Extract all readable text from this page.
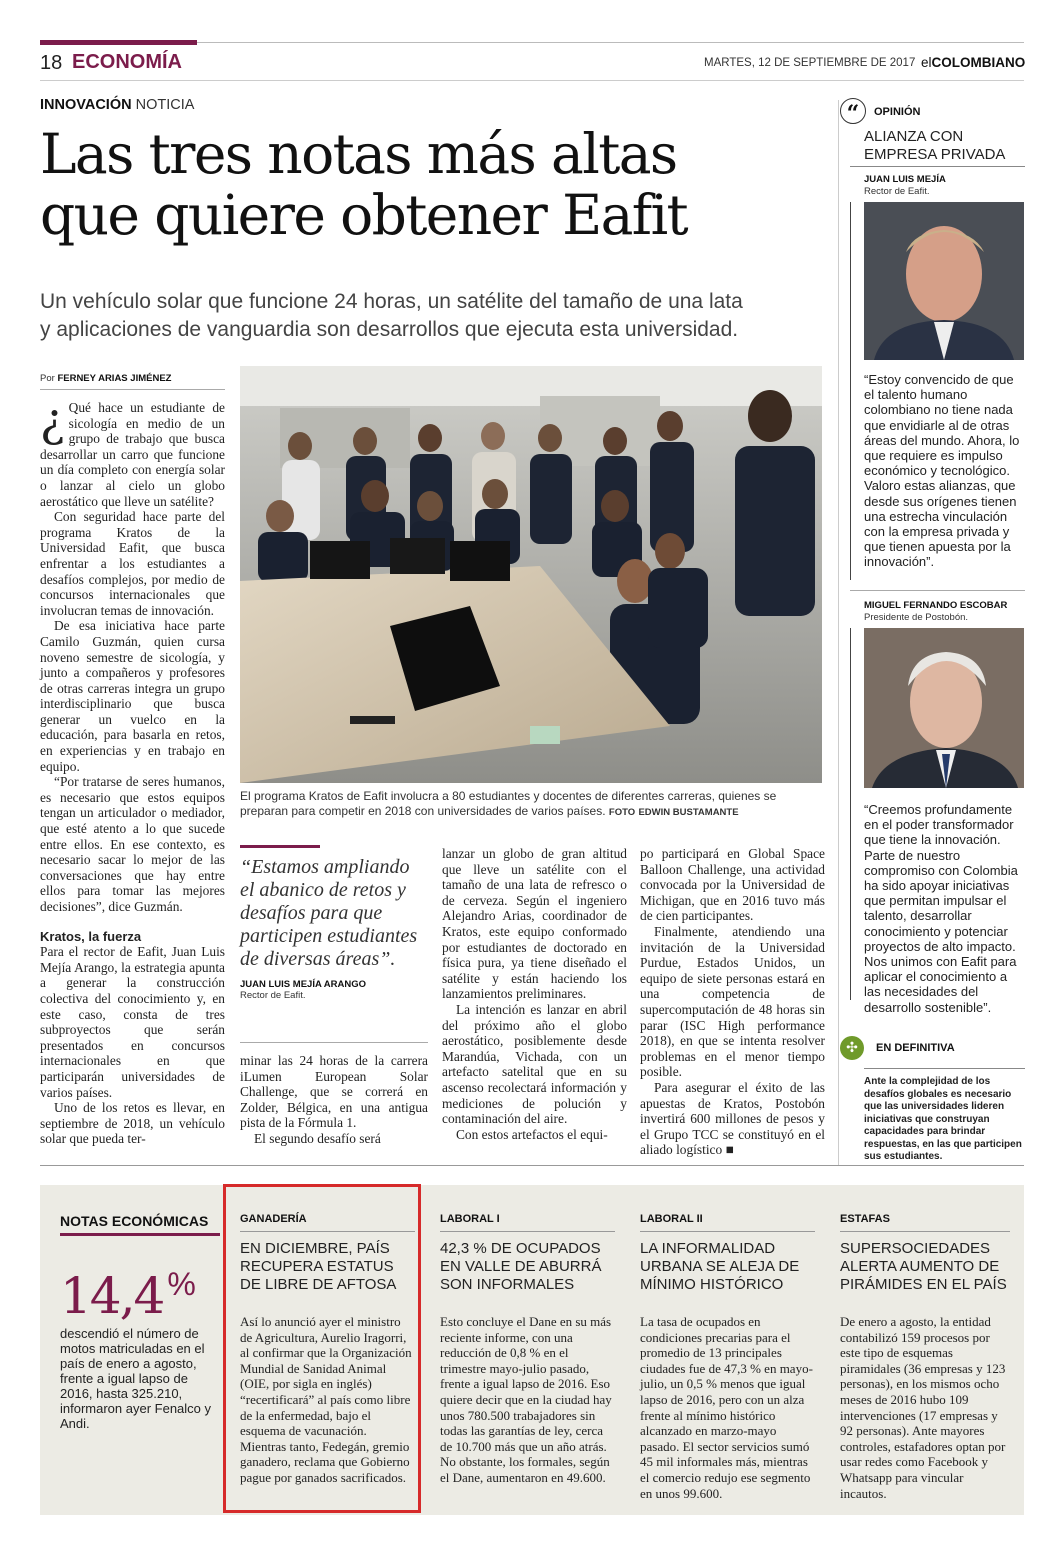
18 ECONOMÍA	MARTES, 12 DE SEPTIEMBRE DE 2017 elCOLOMBIANO
INNOVACIÓN NOTICIA

Las tres notas más altas

que quiere obtener Eafit

Un vehículo solar que funcione 24 horas, un satélite del tamaño de una lata

y aplicaciones de vanguardia son desarrollos que ejecuta esta universidad.

Por FERNEY ARIAS JIMÉNEZ

¿ Qué hace un estudiante de sicología en medio de un grupo de trabajo que busca desarrollar un carro que funcione un día completo con energía solar o lanzar al cielo un globo aerostático que lleve un satélite?

Con seguridad hace parte del programa Kratos de la Universidad Eafit, que busca enfrentar a los estudiantes a desafíos complejos, por medio de concursos internacionales que involucran temas de innovación.

De esa iniciativa hace parte Camilo Guzmán, quien cursa noveno semestre de sicología, y junto a compañeros y profesores de otras carreras integra un grupo interdisciplinario que busca generar un vuelco en la educación, para basarla en retos, en experiencias y en trabajo en equipo.

“Por tratarse de seres humanos, es necesario que estos equipos tengan un articulador o mediador, que esté atento a lo que sucede entre ellos. En ese contexto, es necesario sacar lo mejor de las conversaciones que hay entre ellos para tomar las mejores decisiones”, dice Guzmán.

Kratos, la fuerza

Para el rector de Eafit, Juan Luis Mejía Arango, la estrategia apunta a generar la construcción colectiva del conocimiento y, en este caso, consta de tres subproyectos que serán presentados en concursos internacionales en que participarán universidades de varios países.

Uno de los retos es llevar, en septiembre de 2018, un vehículo solar que pueda ter-

El programa Kratos de Eafit involucra a 80 estudiantes y docentes de diferentes carreras, quienes se preparan para competir en 2018 con universidades de varios países. FOTO EDWIN BUSTAMANTE
“Estamos ampliando el abanico de retos y desafíos para que participen estudiantes de diversas áreas”.
JUAN LUIS MEJÍA ARANGO
Rector de Eafit.

minar las 24 horas de la carrera iLumen European Solar Challenge, que se correrá en Zolder, Bélgica, en una antigua pista de la Fórmula 1.

El segundo desafío será

lanzar un globo de gran altitud que lleve un satélite con el tamaño de una lata de refresco o de cerveza. Según el ingeniero Alejandro Arias, coordinador de Kratos, este equipo conformado por estudiantes de doctorado en física pura, ya tiene diseñado el satélite y están haciendo los lanzamientos preliminares.

La intención es lanzar en abril del próximo año el globo aerostático, posiblemente desde Marandúa, Vichada, con un artefacto satelital que en su ascenso recolectará información y mediciones de polución y contaminación del aire.

Con estos artefactos el equi-

po participará en Global Space Balloon Challenge, una actividad convocada por la Universidad de Michigan, que en 2016 tuvo más de cien participantes.

Finalmente, atendiendo una invitación de la Universidad Purdue, Estados Unidos, un equipo de siete personas estará en una competencia de supercomputación de 48 horas sin parar (ISC High performance 2018), en que se intenta resolver problemas en el menor tiempo posible.

Para asegurar el éxito de las apuestas de Kratos, Postobón invertirá 600 millones de pesos y el Grupo TCC se constituyó en el aliado logístico ■

“	OPINIÓN
ALIANZA CON EMPRESA PRIVADA
JUAN LUIS MEJÍA
Rector de Eafit.
“Estoy convencido de que el talento humano colombiano no tiene nada que envidiarle al de otras áreas del mundo. Ahora, lo que requiere es impulso económico y tecnológico. Valoro estas alianzas, que desde sus orígenes tienen una estrecha vinculación con la empresa privada y que tienen apuesta por la innovación”.
MIGUEL FERNANDO ESCOBAR
Presidente de Postobón.
“Creemos profundamente en el poder transformador que tiene la innovación. Parte de nuestro compromiso con Colombia ha sido apoyar iniciativas que permitan impulsar el talento, desarrollar conocimiento y potenciar proyectos de alto impacto. Nos unimos con Eafit para aplicar el conocimiento a las necesidades del desarrollo sostenible”.
✣	EN DEFINITIVA
Ante la complejidad de los desafíos globales es necesario que las universidades lideren iniciativas que construyan capacidades para brindar respuestas, en las que participen sus estudiantes.
NOTAS ECONÓMICAS
14,4 %
descendió el número de motos matriculadas en el país de enero a agosto, frente a igual lapso de 2016, hasta 325.210, informaron ayer Fenalco y Andi.
GANADERÍA
EN DICIEMBRE, PAÍS RECUPERA ESTATUS DE LIBRE DE AFTOSA
Así lo anunció ayer el ministro de Agricultura, Aurelio Iragorri, al confirmar que la Organización Mundial de Sanidad Animal (OIE, por sigla en inglés) “recertificará” al país como libre de la enfermedad, bajo el esquema de vacunación. Mientras tanto, Fedegán, gremio ganadero, reclama que Gobierno pague por ganados sacrificados.
LABORAL I
42,3 % DE OCUPADOS EN VALLE DE ABURRÁ SON INFORMALES
Esto concluye el Dane en su más reciente informe, con una reducción de 0,8 % en el trimestre mayo-julio pasado, frente a igual lapso de 2016. Eso quiere decir que en la ciudad hay unos 780.500 trabajadores sin todas las garantías de ley, cerca de 10.700 más que un año atrás. No obstante, los formales, según el Dane, aumentaron en 49.600.
LABORAL II
LA INFORMALIDAD URBANA SE ALEJA DE MÍNIMO HISTÓRICO
La tasa de ocupados en condiciones precarias para el promedio de 13 principales ciudades fue de 47,3 % en mayo-julio, un 0,5 % menos que igual lapso de 2016, pero con un alza frente al mínimo histórico alcanzado en marzo-mayo pasado. El sector servicios sumó 45 mil informales más, mientras el comercio redujo ese segmento en unos 99.600.
ESTAFAS
SUPERSOCIEDADES ALERTA AUMENTO DE PIRÁMIDES EN EL PAÍS
De enero a agosto, la entidad contabilizó 159 procesos por este tipo de esquemas piramidales (36 empresas y 123 personas), en los mismos ocho meses de 2016 hubo 109 intervenciones (17 empresas y 92 personas). Ante mayores controles, estafadores optan por usar redes como Facebook y Whatsapp para vincular incautos.
